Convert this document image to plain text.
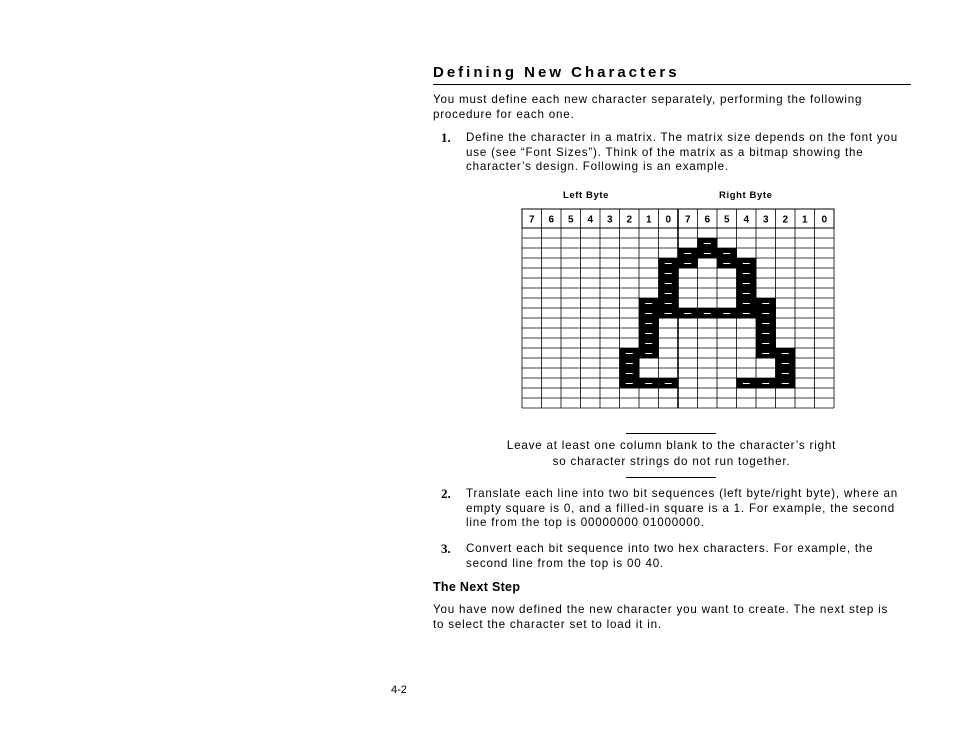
Defining New Characters

You must define each new character separately, performing the following procedure for each one.

1. Define the character in a matrix. The matrix size depends on the font you use (see “Font Sizes”). Think of the matrix as a bitmap showing the character’s design. Following is an example.

Left Byte	Right Byte
7 6 5 4 3 2 1 0 7 6 5 4 3 2 1 0

Leave at least one column blank to the character’s right

so character strings do not run together.

2. Translate each line into two bit sequences (left byte/right byte), where an empty square is 0, and a filled-in square is a 1. For example, the second line from the top is 00000000 01000000.

3. Convert each bit sequence into two hex characters. For example, the second line from the top is 00 40.

The Next Step

You have now defined the new character you want to create. The next step is to select the character set to load it in.

4-2
